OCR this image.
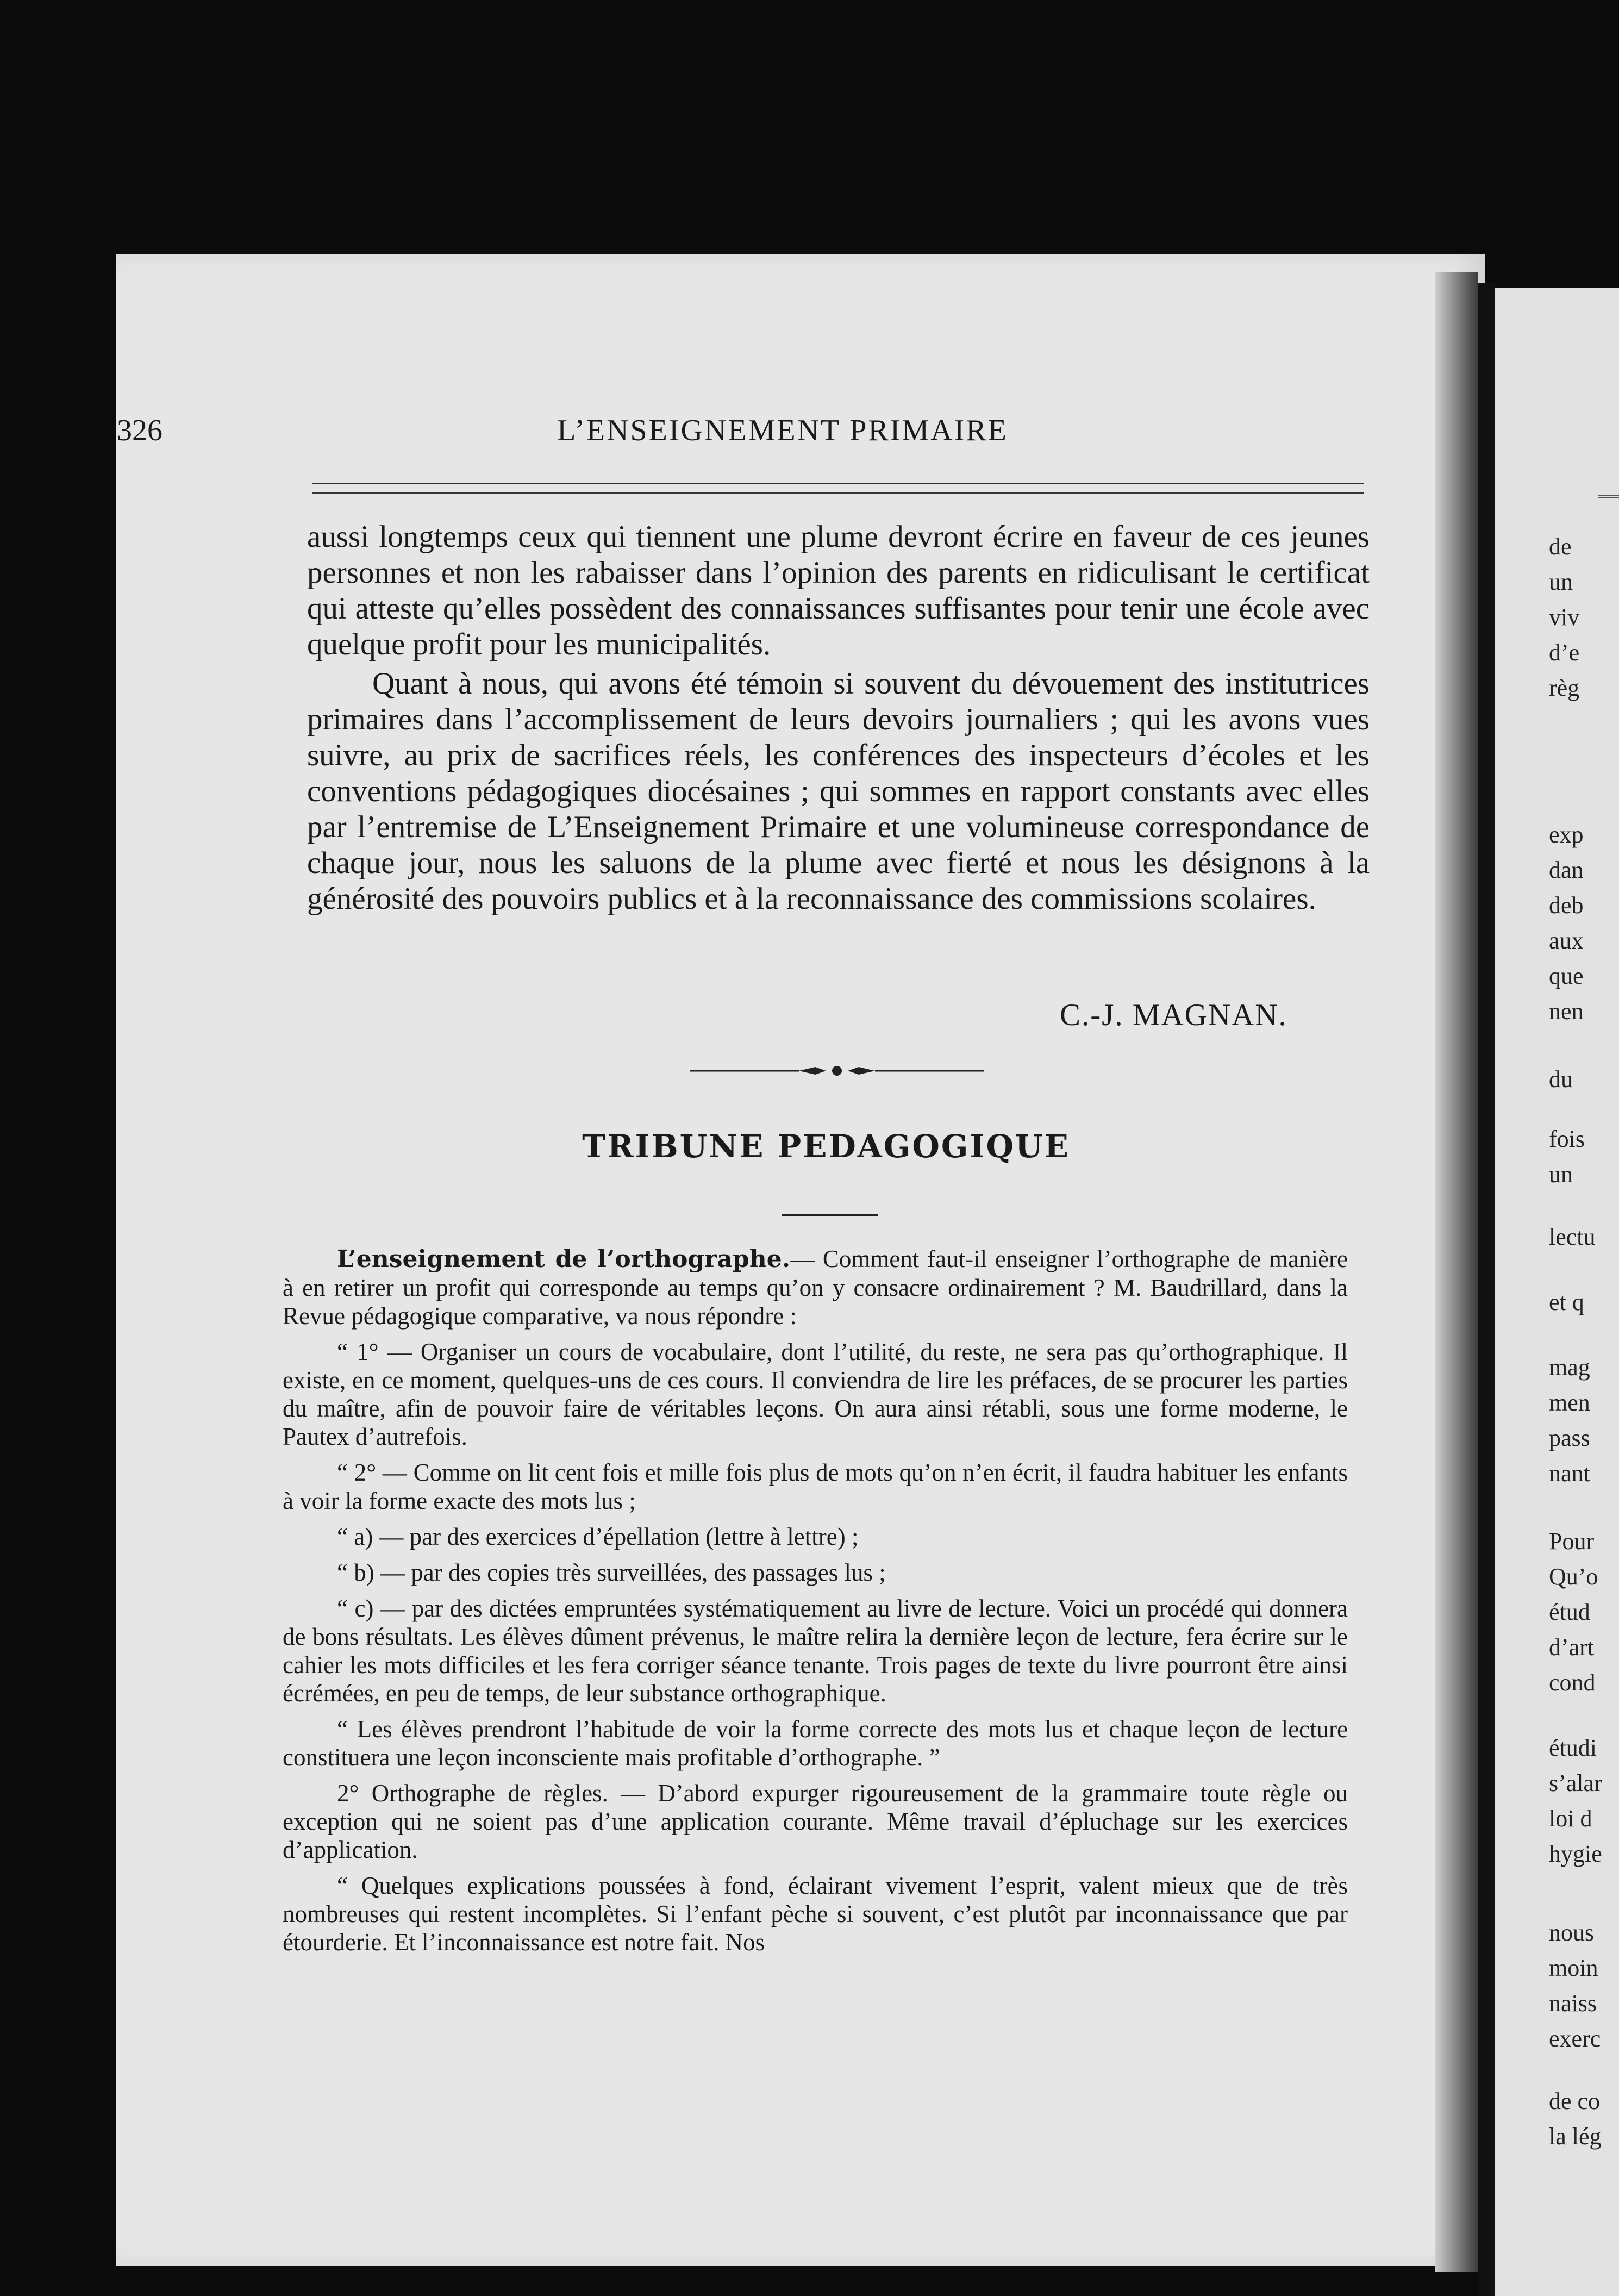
de
un
viv
d’e
règ
exp
dan
deb
aux
que
nen
du
fois
un
lectu
et q
mag
men
pass
nant
Pour
Qu’o
étud
d’art
cond
étudi
s’alar
loi d
hygie
nous
moin
naiss
exerc
de co
la lég
326	L’ENSEIGNEMENT PRIMAIRE

aussi longtemps ceux qui tiennent une plume devront écrire en faveur de ces jeunes personnes et non les rabaisser dans l’opinion des parents en ridiculisant le certificat qui atteste qu’elles possèdent des connaissances suffisantes pour tenir une école avec quelque profit pour les municipalités.

Quant à nous, qui avons été témoin si souvent du dévouement des institutrices primaires dans l’accomplissement de leurs devoirs journaliers ; qui les avons vues suivre, au prix de sacrifices réels, les conférences des inspecteurs d’écoles et les conventions pédagogiques diocésaines ; qui sommes en rapport constants avec elles par l’entremise de L’Enseignement Primaire et une volumineuse correspondance de chaque jour, nous les saluons de la plume avec fierté et nous les désignons à la générosité des pouvoirs publics et à la reconnaissance des commissions scolaires.

C.-J. MAGNAN.
TRIBUNE PEDAGOGIQUE

L’enseignement de l’orthographe.— Comment faut-il enseigner l’orthographe de manière à en retirer un profit qui corresponde au temps qu’on y consacre ordinairement ? M. Baudrillard, dans la Revue pédagogique comparative, va nous répondre :

“ 1° — Organiser un cours de vocabulaire, dont l’utilité, du reste, ne sera pas qu’orthographique. Il existe, en ce moment, quelques-uns de ces cours. Il conviendra de lire les préfaces, de se procurer les parties du maître, afin de pouvoir faire de véritables leçons. On aura ainsi rétabli, sous une forme moderne, le Pautex d’autrefois.

“ 2° — Comme on lit cent fois et mille fois plus de mots qu’on n’en écrit, il faudra habituer les enfants à voir la forme exacte des mots lus ;

“ a) — par des exercices d’épellation (lettre à lettre) ;

“ b) — par des copies très surveillées, des passages lus ;

“ c) — par des dictées empruntées systématiquement au livre de lecture. Voici un procédé qui donnera de bons résultats. Les élèves dûment prévenus, le maître relira la dernière leçon de lecture, fera écrire sur le cahier les mots difficiles et les fera corriger séance tenante. Trois pages de texte du livre pourront être ainsi écrémées, en peu de temps, de leur substance orthographique.

“ Les élèves prendront l’habitude de voir la forme correcte des mots lus et chaque leçon de lecture constituera une leçon inconsciente mais profitable d’orthographe. ”

2° Orthographe de règles. — D’abord expurger rigoureusement de la grammaire toute règle ou exception qui ne soient pas d’une application courante. Même travail d’épluchage sur les exercices d’application.

“ Quelques explications poussées à fond, éclairant vivement l’esprit, valent mieux que de très nombreuses qui restent incomplètes. Si l’enfant pèche si souvent, c’est plutôt par inconnaissance que par étourderie. Et l’inconnaissance est notre fait. Nos
